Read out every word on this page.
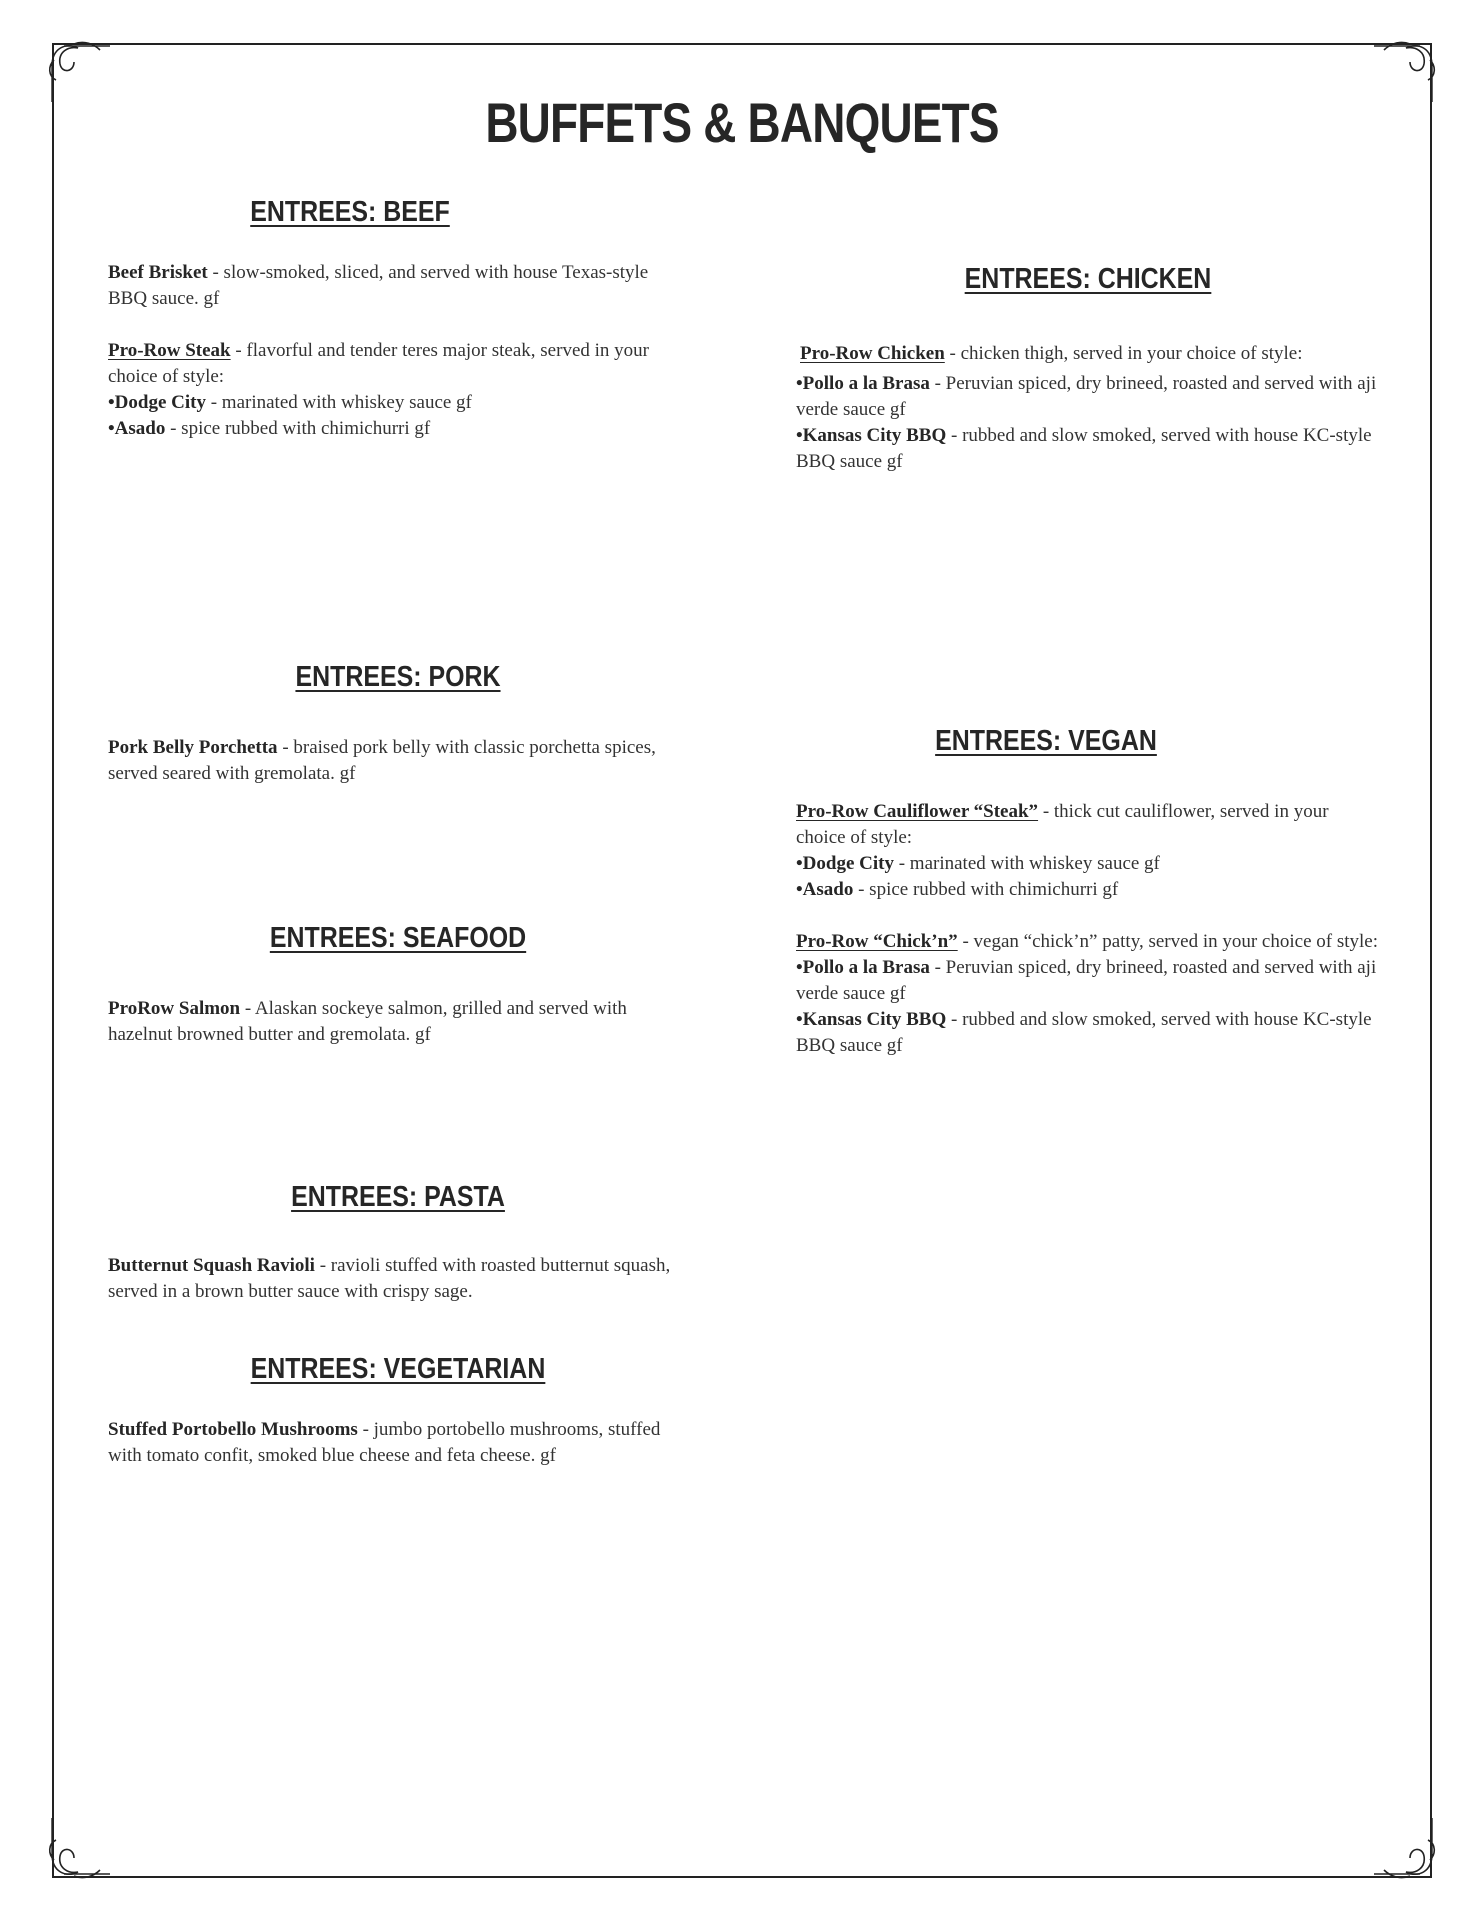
BUFFETS & BANQUETS
ENTREES: BEEF

Beef Brisket - slow-smoked, sliced, and served with house Texas-style BBQ sauce. gf

Pro-Row Steak - flavorful and tender teres major steak, served in your choice of style:

•Dodge City - marinated with whiskey sauce gf

•Asado - spice rubbed with chimichurri gf

ENTREES: CHICKEN

Pro-Row Chicken - chicken thigh, served in your choice of style:

•Pollo a la Brasa - Peruvian spiced, dry brineed, roasted and served with aji verde sauce gf

•Kansas City BBQ - rubbed and slow smoked, served with house KC-style BBQ sauce gf

ENTREES: PORK

Pork Belly Porchetta - braised pork belly with classic porchetta spices, served seared with gremolata. gf

ENTREES: VEGAN

Pro-Row Cauliflower “Steak” - thick cut cauliflower, served in your choice of style:

•Dodge City - marinated with whiskey sauce gf

•Asado - spice rubbed with chimichurri gf

Pro-Row “Chick’n” - vegan “chick’n” patty, served in your choice of style:

•Pollo a la Brasa - Peruvian spiced, dry brineed, roasted and served with aji verde sauce gf

•Kansas City BBQ - rubbed and slow smoked, served with house KC-style BBQ sauce gf

ENTREES: SEAFOOD

ProRow Salmon - Alaskan sockeye salmon, grilled and served with hazelnut browned butter and gremolata. gf

ENTREES: PASTA

Butternut Squash Ravioli - ravioli stuffed with roasted butternut squash, served in a brown butter sauce with crispy sage.

ENTREES: VEGETARIAN

Stuffed Portobello Mushrooms - jumbo portobello mushrooms, stuffed with tomato confit, smoked blue cheese and feta cheese. gf
